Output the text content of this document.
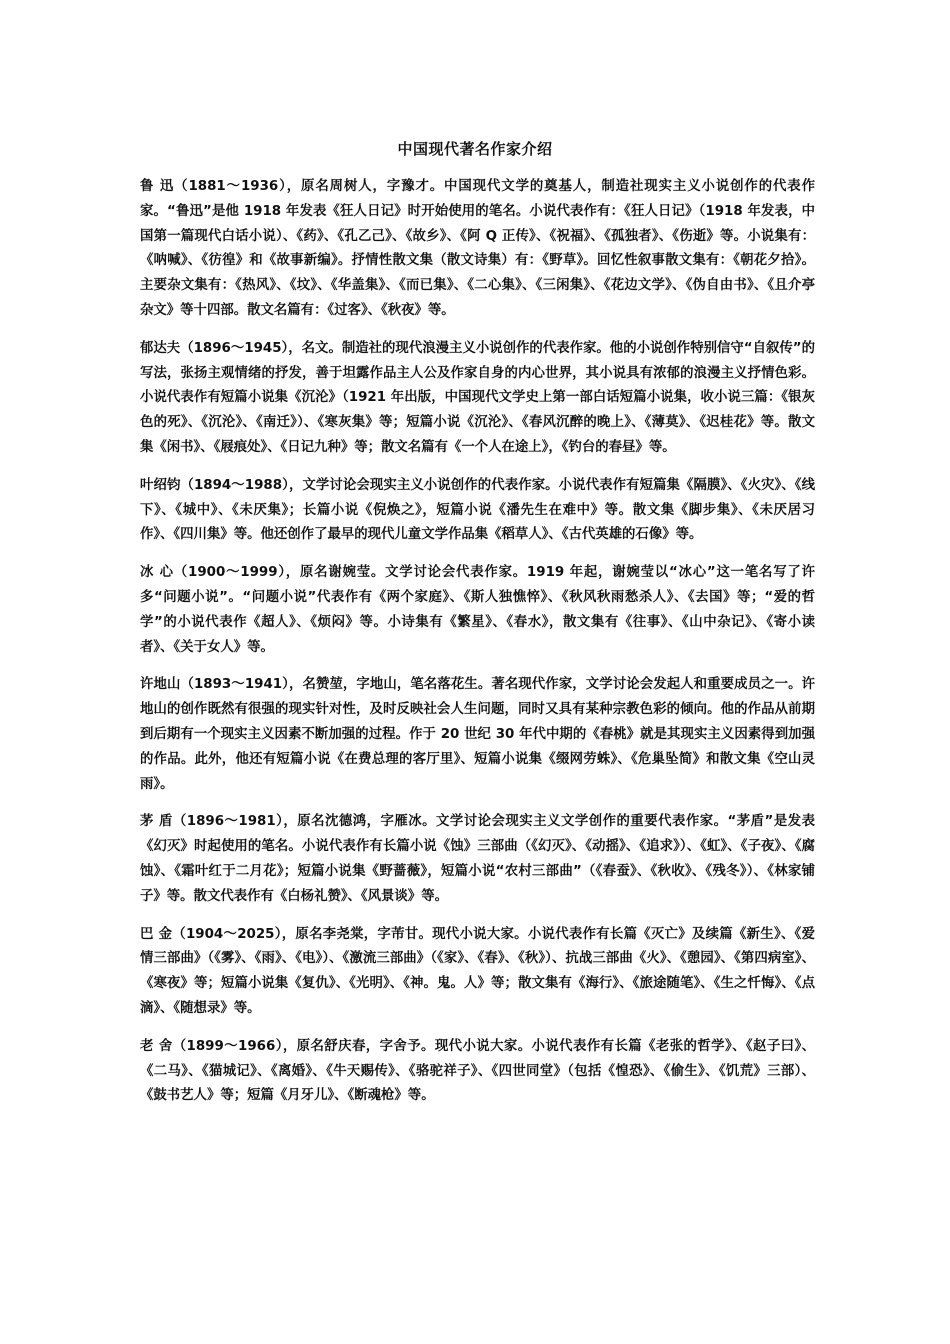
中国现代著名作家介绍

鲁 迅（1881～1936），原名周树人，字豫才。中国现代文学的奠基人，制造社现实主义小说创作的代表作家。“鲁迅”是他 1918 年发表《狂人日记》时开始使用的笔名。小说代表作有：《狂人日记》（1918 年发表，中国第一篇现代白话小说）、《药》、《孔乙己》、《故乡》、《阿 Q 正传》、《祝福》、《孤独者》、《伤逝》等。小说集有：《呐喊》、《彷徨》和《故事新编》。抒情性散文集（散文诗集）有：《野草》。回忆性叙事散文集有：《朝花夕拾》。主要杂文集有：《热风》、《坟》、《华盖集》、《而已集》、《二心集》、《三闲集》、《花边文学》、《伪自由书》、《且介亭杂文》等十四部。散文名篇有：《过客》、《秋夜》等。

郁达夫（1896～1945），名文。制造社的现代浪漫主义小说创作的代表作家。他的小说创作特别信守“自叙传”的写法，张扬主观情绪的抒发，善于坦露作品主人公及作家自身的内心世界，其小说具有浓郁的浪漫主义抒情色彩。小说代表作有短篇小说集《沉沦》（1921 年出版，中国现代文学史上第一部白话短篇小说集，收小说三篇：《银灰色的死》、《沉沦》、《南迁》）、《寒灰集》等；短篇小说《沉沦》、《春风沉醉的晚上》、《薄莫》、《迟桂花》等。散文集《闲书》、《屐痕处》、《日记九种》等；散文名篇有《一个人在途上》，《钓台的春昼》等。

叶绍钧（1894～1988），文学讨论会现实主义小说创作的代表作家。小说代表作有短篇集《隔膜》、《火灾》、《线下》、《城中》、《未厌集》；长篇小说《倪焕之》，短篇小说《潘先生在难中》等。散文集《脚步集》、《未厌居习作》、《四川集》等。他还创作了最早的现代儿童文学作品集《稻草人》、《古代英雄的石像》等。

冰 心（1900～1999），原名谢婉莹。文学讨论会代表作家。1919 年起，谢婉莹以“冰心”这一笔名写了许多“问题小说”。“问题小说”代表作有《两个家庭》、《斯人独憔悴》、《秋风秋雨愁杀人》、《去国》等；“爱的哲学”的小说代表作《超人》、《烦闷》等。小诗集有《繁星》、《春水》，散文集有《往事》、《山中杂记》、《寄小读者》、《关于女人》等。

许地山（1893～1941），名赞堃，字地山，笔名落花生。著名现代作家，文学讨论会发起人和重要成员之一。许地山的创作既然有很强的现实针对性，及时反映社会人生问题，同时又具有某种宗教色彩的倾向。他的作品从前期到后期有一个现实主义因素不断加强的过程。作于 20 世纪 30 年代中期的《春桃》就是其现实主义因素得到加强的作品。此外，他还有短篇小说《在费总理的客厅里》、短篇小说集《缀网劳蛛》、《危巢坠简》和散文集《空山灵雨》。

茅 盾（1896～1981），原名沈德鸿，字雁冰。文学讨论会现实主义文学创作的重要代表作家。“茅盾”是发表《幻灭》时起使用的笔名。小说代表作有长篇小说《蚀》三部曲（《幻灭》、《动摇》、《追求》）、《虹》、《子夜》、《腐蚀》、《霜叶红于二月花》；短篇小说集《野蔷薇》，短篇小说“农村三部曲”（《春蚕》、《秋收》、《残冬》）、《林家铺子》等。散文代表作有《白杨礼赞》、《风景谈》等。

巴 金（1904～2025），原名李尧棠，字芾甘。现代小说大家。小说代表作有长篇《灭亡》及续篇《新生》、《爱情三部曲》（《雾》、《雨》、《电》）、《激流三部曲》（《家》、《春》、《秋》）、抗战三部曲《火》、《憩园》、《第四病室》、《寒夜》等；短篇小说集《复仇》、《光明》、《神。鬼。人》等；散文集有《海行》、《旅途随笔》、《生之忏悔》、《点滴》、《随想录》等。

老 舍（1899～1966），原名舒庆春，字舍予。现代小说大家。小说代表作有长篇《老张的哲学》、《赵子曰》、《二马》、《猫城记》、《离婚》、《牛天赐传》、《骆驼祥子》、《四世同堂》（包括《惶恐》、《偷生》、《饥荒》三部）、《鼓书艺人》等；短篇《月牙儿》、《断魂枪》等。
